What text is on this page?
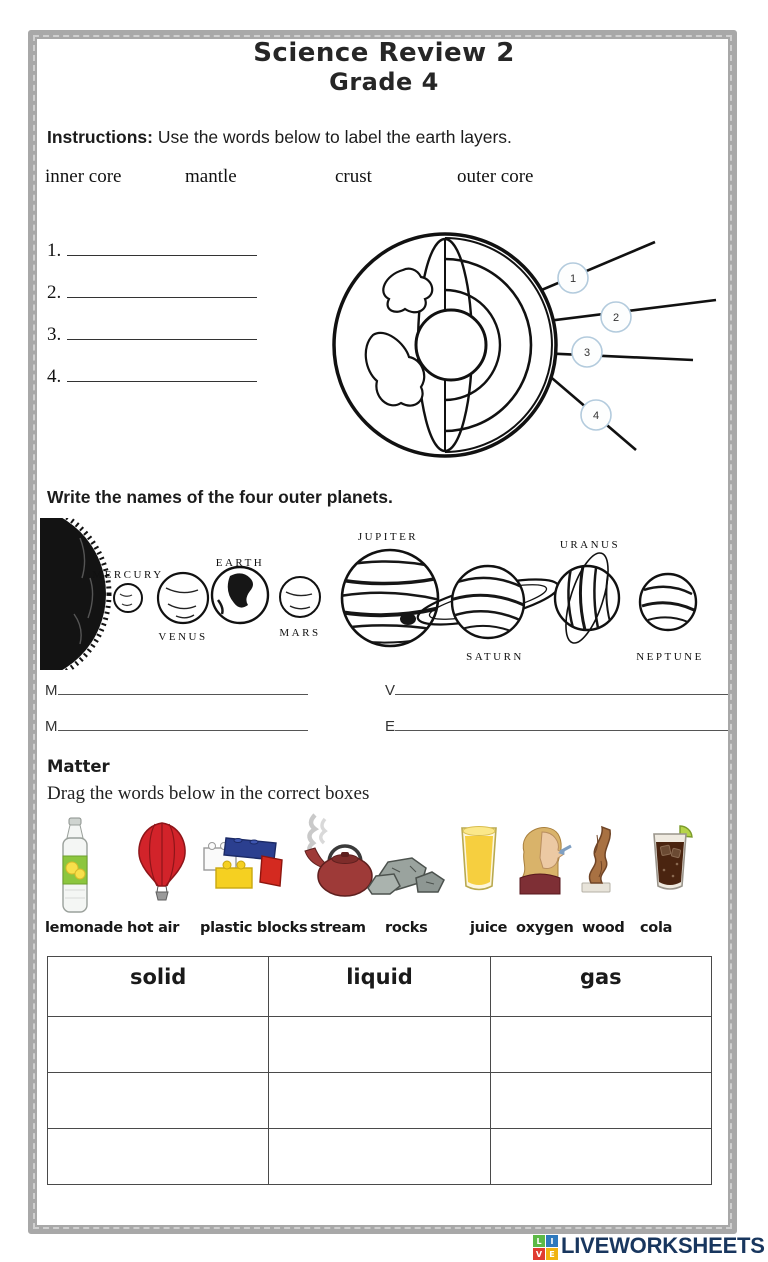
Science Review 2
Grade 4
Instructions: Use the words below to label the earth layers.
inner core	mantle	crust	outer core
1.
2.
3.
4.
1
2
3
4
Write the names of the four outer planets.
MERCURY
VENUS
EARTH
MARS
JUPITER
SATURN
URANUS
NEPTUNE
M	V
M	E
Matter
Drag the words below in the correct boxes
lemonade hot air plastic blocks stream rocks	juice oxygen wood cola
solid	liquid	gas

L	I
V E LIVEWORKSHEETS
